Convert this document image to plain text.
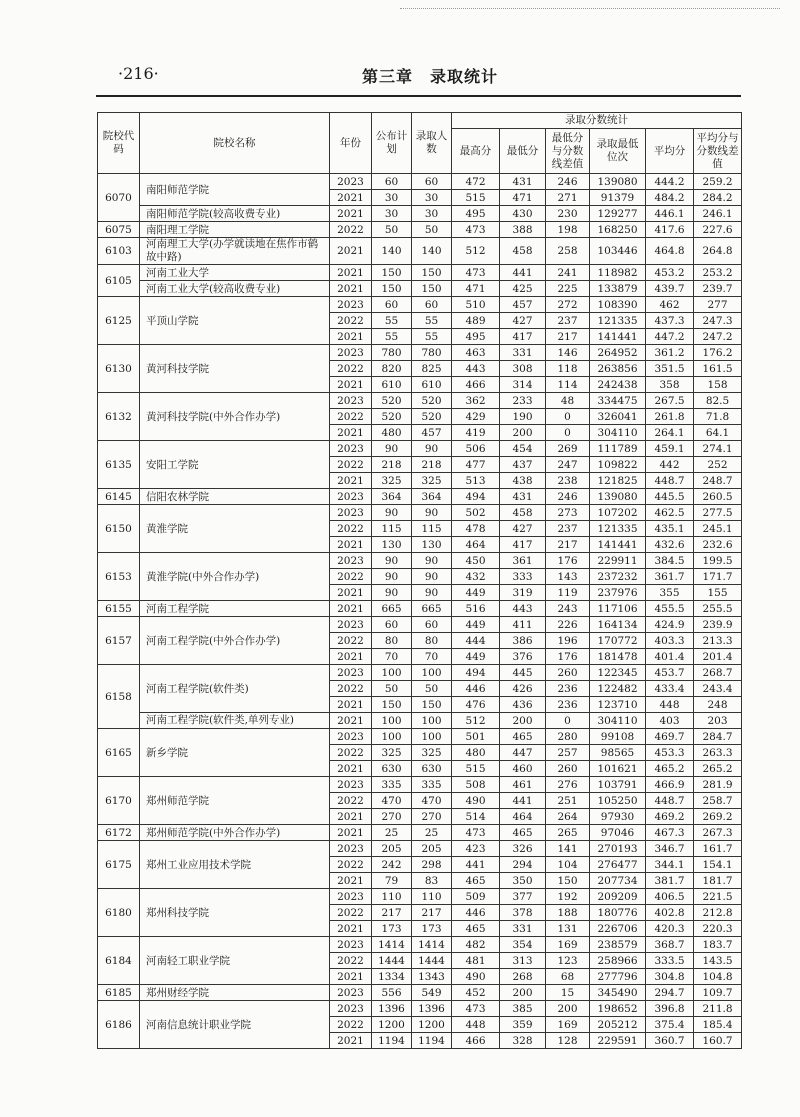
·216·	第三章　录取统计
院校代码	院校名称	年份	公布计划	录取人数	录取分数统计					
					最高分	最低分	最低分与分数线差值	录取最低位次	平均分	平均分与分数线差值
6070	南阳师范学院	2023	60	60	472	431	246	139080	444.2	259.2
		2021	30	30	515	471	271	91379	484.2	284.2
	南阳师范学院(较高收费专业)	2021	30	30	495	430	230	129277	446.1	246.1
6075	南阳理工学院	2022	50	50	473	388	198	168250	417.6	227.6
6103	河南理工大学(办学就读地在焦作市鹤故中路)	2021	140	140	512	458	258	103446	464.8	264.8
6105	河南工业大学	2021	150	150	473	441	241	118982	453.2	253.2
	河南工业大学(较高收费专业)	2021	150	150	471	425	225	133879	439.7	239.7
6125	平顶山学院	2023	60	60	510	457	272	108390	462	277
		2022	55	55	489	427	237	121335	437.3	247.3
		2021	55	55	495	417	217	141441	447.2	247.2
6130	黄河科技学院	2023	780	780	463	331	146	264952	361.2	176.2
		2022	820	825	443	308	118	263856	351.5	161.5
		2021	610	610	466	314	114	242438	358	158
6132	黄河科技学院(中外合作办学)	2023	520	520	362	233	48	334475	267.5	82.5
		2022	520	520	429	190	0	326041	261.8	71.8
		2021	480	457	419	200	0	304110	264.1	64.1
6135	安阳工学院	2023	90	90	506	454	269	111789	459.1	274.1
		2022	218	218	477	437	247	109822	442	252
		2021	325	325	513	438	238	121825	448.7	248.7
6145	信阳农林学院	2023	364	364	494	431	246	139080	445.5	260.5
6150	黄淮学院	2023	90	90	502	458	273	107202	462.5	277.5
		2022	115	115	478	427	237	121335	435.1	245.1
		2021	130	130	464	417	217	141441	432.6	232.6
6153	黄淮学院(中外合作办学)	2023	90	90	450	361	176	229911	384.5	199.5
		2022	90	90	432	333	143	237232	361.7	171.7
		2021	90	90	449	319	119	237976	355	155
6155	河南工程学院	2021	665	665	516	443	243	117106	455.5	255.5
6157	河南工程学院(中外合作办学)	2023	60	60	449	411	226	164134	424.9	239.9
		2022	80	80	444	386	196	170772	403.3	213.3
		2021	70	70	449	376	176	181478	401.4	201.4
6158	河南工程学院(软件类)	2023	100	100	494	445	260	122345	453.7	268.7
		2022	50	50	446	426	236	122482	433.4	243.4
		2021	150	150	476	436	236	123710	448	248
	河南工程学院(软件类,单列专业)	2021	100	100	512	200	0	304110	403	203
6165	新乡学院	2023	100	100	501	465	280	99108	469.7	284.7
		2022	325	325	480	447	257	98565	453.3	263.3
		2021	630	630	515	460	260	101621	465.2	265.2
6170	郑州师范学院	2023	335	335	508	461	276	103791	466.9	281.9
		2022	470	470	490	441	251	105250	448.7	258.7
		2021	270	270	514	464	264	97930	469.2	269.2
6172	郑州师范学院(中外合作办学)	2021	25	25	473	465	265	97046	467.3	267.3
6175	郑州工业应用技术学院	2023	205	205	423	326	141	270193	346.7	161.7
		2022	242	298	441	294	104	276477	344.1	154.1
		2021	79	83	465	350	150	207734	381.7	181.7
6180	郑州科技学院	2023	110	110	509	377	192	209209	406.5	221.5
		2022	217	217	446	378	188	180776	402.8	212.8
		2021	173	173	465	331	131	226706	420.3	220.3
6184	河南轻工职业学院	2023	1414	1414	482	354	169	238579	368.7	183.7
		2022	1444	1444	481	313	123	258966	333.5	143.5
		2021	1334	1343	490	268	68	277796	304.8	104.8
6185	郑州财经学院	2023	556	549	452	200	15	345490	294.7	109.7
6186	河南信息统计职业学院	2023	1396	1396	473	385	200	198652	396.8	211.8
		2022	1200	1200	448	359	169	205212	375.4	185.4
		2021	1194	1194	466	328	128	229591	360.7	160.7
